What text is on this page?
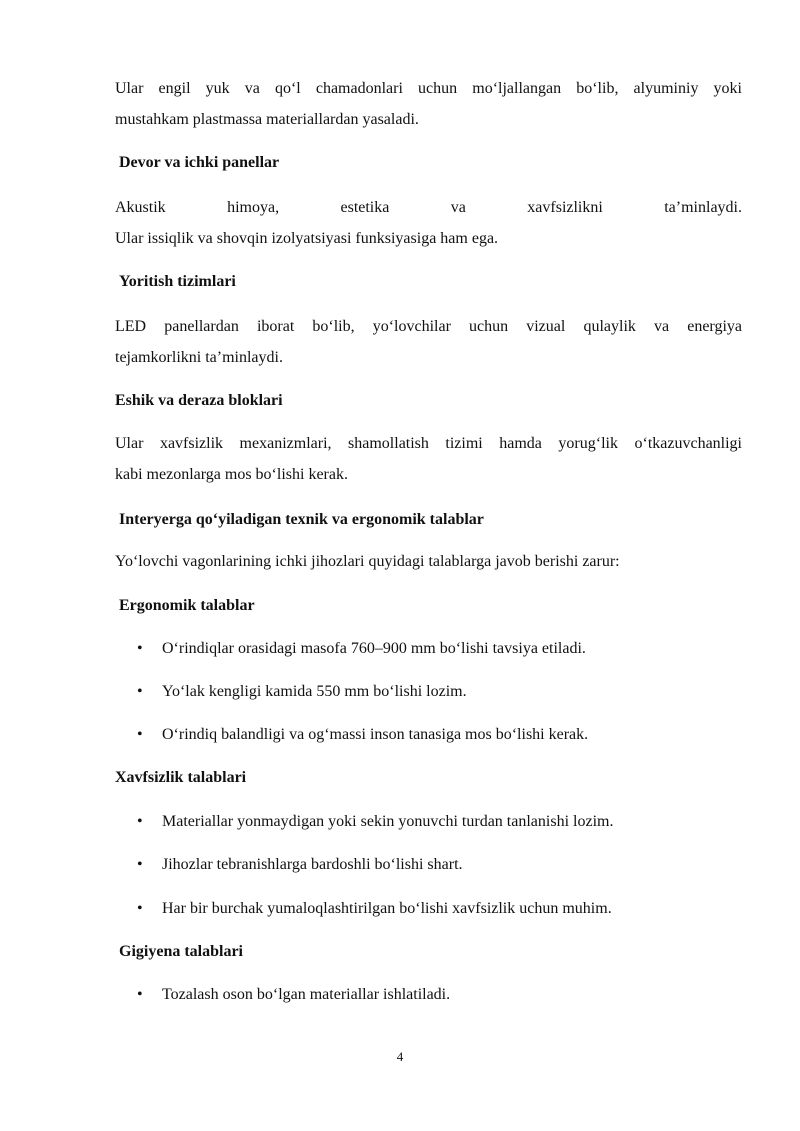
Ular engil yuk va qoʻl chamadonlari uchun moʻljallangan boʻlib, alyuminiy yoki
mustahkam plastmassa materiallardan yasaladi.
Devor va ichki panellar
Akustik himoya, estetika va xavfsizlikni ta’minlaydi.
Ular issiqlik va shovqin izolyatsiyasi funksiyasiga ham ega.
Yoritish tizimlari
LED panellardan iborat boʻlib, yoʻlovchilar uchun vizual qulaylik va energiya
tejamkorlikni ta’minlaydi.
Eshik va deraza bloklari
Ular xavfsizlik mexanizmlari, shamollatish tizimi hamda yorugʻlik oʻtkazuvchanligi
kabi mezonlarga mos boʻlishi kerak.
Interyerga qoʻyiladigan texnik va ergonomik talablar
Yoʻlovchi vagonlarining ichki jihozlari quyidagi talablarga javob berishi zarur:
Ergonomik talablar
• Oʻrindiqlar orasidagi masofa 760–900 mm boʻlishi tavsiya etiladi.
• Yoʻlak kengligi kamida 550 mm boʻlishi lozim.
• Oʻrindiq balandligi va ogʻmassi inson tanasiga mos boʻlishi kerak.
Xavfsizlik talablari
• Materiallar yonmaydigan yoki sekin yonuvchi turdan tanlanishi lozim.
• Jihozlar tebranishlarga bardoshli boʻlishi shart.
• Har bir burchak yumaloqlashtirilgan boʻlishi xavfsizlik uchun muhim.
Gigiyena talablari
• Tozalash oson boʻlgan materiallar ishlatiladi.
4
